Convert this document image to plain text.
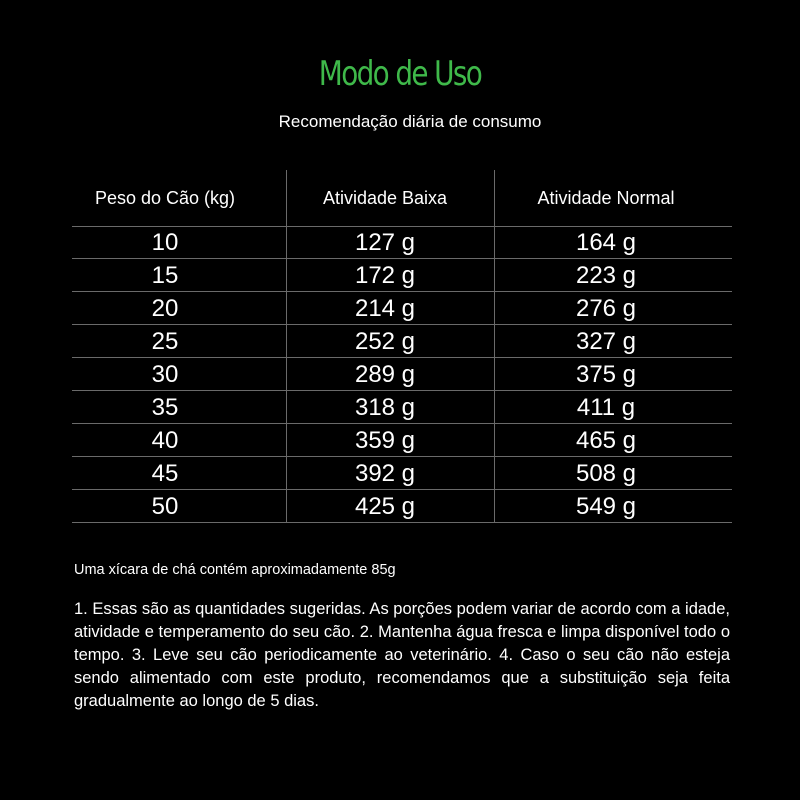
Modo de Uso
Recomendação diária de consumo
Peso do Cão (kg)	Atividade Baixa	Atividade Normal
10	127 g	164 g
15	172 g	223 g
20	214 g	276 g
25	252 g	327 g
30	289 g	375 g
35	318 g	411 g
40	359 g	465 g
45	392 g	508 g
50	425 g	549 g
Uma xícara de chá contém aproximadamente 85g

1. Essas são as quantidades sugeridas. As porções podem variar de acordo com a idade, atividade e temperamento do seu cão. 2. Mantenha água fresca e limpa disponível todo o tempo. 3. Leve seu cão periodicamente ao veterinário. 4. Caso o seu cão não esteja sendo alimentado com este produto, recomendamos que a substituição seja feita gradualmente ao longo de 5 dias.
